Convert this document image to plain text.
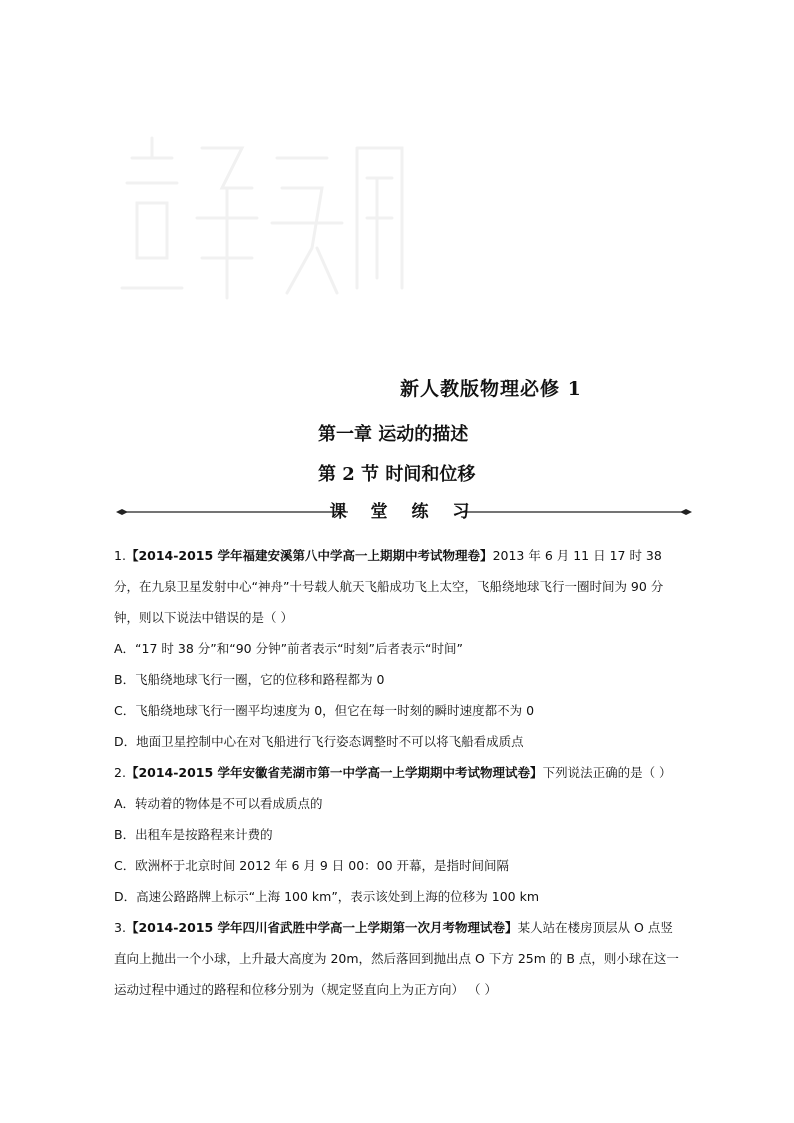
新人教版物理必修 1
第一章 运动的描述
第 2 节 时间和位移
课 堂 练 习

1.【2014-2015 学年福建安溪第八中学高一上期期中考试物理卷】2013 年 6 月 11 日 17 时 38 分，在九泉卫星发射中心“神舟”十号载人航天飞船成功飞上太空，飞船绕地球飞行一圈时间为 90 分钟，则以下说法中错误的是（ ）

A．“17 时 38 分”和“90 分钟”前者表示“时刻”后者表示“时间”

B．飞船绕地球飞行一圈，它的位移和路程都为 0

C．飞船绕地球飞行一圈平均速度为 0，但它在每一时刻的瞬时速度都不为 0

D．地面卫星控制中心在对飞船进行飞行姿态调整时不可以将飞船看成质点

2.【2014-2015 学年安徽省芜湖市第一中学高一上学期期中考试物理试卷】下列说法正确的是（ ）

A．转动着的物体是不可以看成质点的

B．出租车是按路程来计费的

C．欧洲杯于北京时间 2012 年 6 月 9 日 00：00 开幕，是指时间间隔

D．高速公路路牌上标示“上海 100 km”，表示该处到上海的位移为 100 km

3.【2014-2015 学年四川省武胜中学高一上学期第一次月考物理试卷】某人站在楼房顶层从 O 点竖直向上抛出一个小球，上升最大高度为 20m，然后落回到抛出点 O 下方 25m 的 B 点，则小球在这一运动过程中通过的路程和位移分别为（规定竖直向上为正方向） （ ）
